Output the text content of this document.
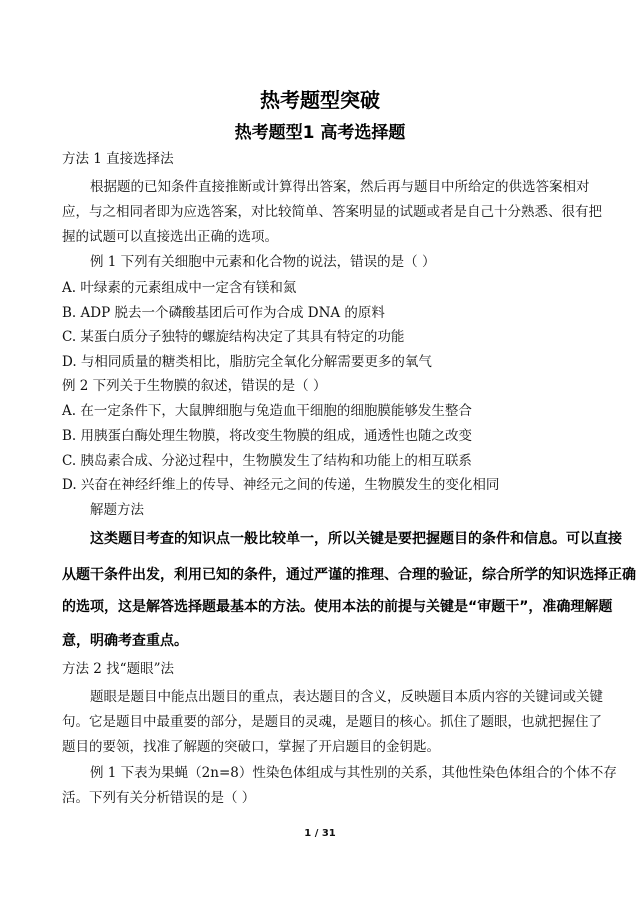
热考题型突破
热考题型1 高考选择题
方法 1 直接选择法
根据题的已知条件直接推断或计算得出答案，然后再与题目中所给定的供选答案相对
应，与之相同者即为应选答案，对比较简单、答案明显的试题或者是自己十分熟悉、很有把
握的试题可以直接选出正确的选项。
例 1 下列有关细胞中元素和化合物的说法，错误的是（ ）
A. 叶绿素的元素组成中一定含有镁和氮
B. ADP 脱去一个磷酸基团后可作为合成 DNA 的原料
C. 某蛋白质分子独特的螺旋结构决定了其具有特定的功能
D. 与相同质量的糖类相比，脂肪完全氧化分解需要更多的氧气
例 2 下列关于生物膜的叙述，错误的是（ ）
A. 在一定条件下，大鼠脾细胞与兔造血干细胞的细胞膜能够发生整合
B. 用胰蛋白酶处理生物膜，将改变生物膜的组成，通透性也随之改变
C. 胰岛素合成、分泌过程中，生物膜发生了结构和功能上的相互联系
D. 兴奋在神经纤维上的传导、神经元之间的传递，生物膜发生的变化相同
解题方法
这类题目考查的知识点一般比较单一，所以关键是要把握题目的条件和信息。可以直接
从题干条件出发，利用已知的条件，通过严谨的推理、合理的验证，综合所学的知识选择正确
的选项，这是解答选择题最基本的方法。使用本法的前提与关键是“审题干”，准确理解题
意，明确考查重点。
方法 2 找“题眼”法
题眼是题目中能点出题目的重点，表达题目的含义，反映题目本质内容的关键词或关键
句。它是题目中最重要的部分，是题目的灵魂，是题目的核心。抓住了题眼，也就把握住了
题目的要领，找准了解题的突破口，掌握了开启题目的金钥匙。
例 1 下表为果蝇（2n=8）性染色体组成与其性别的关系，其他性染色体组合的个体不存
活。下列有关分析错误的是（ ）
1 / 31
